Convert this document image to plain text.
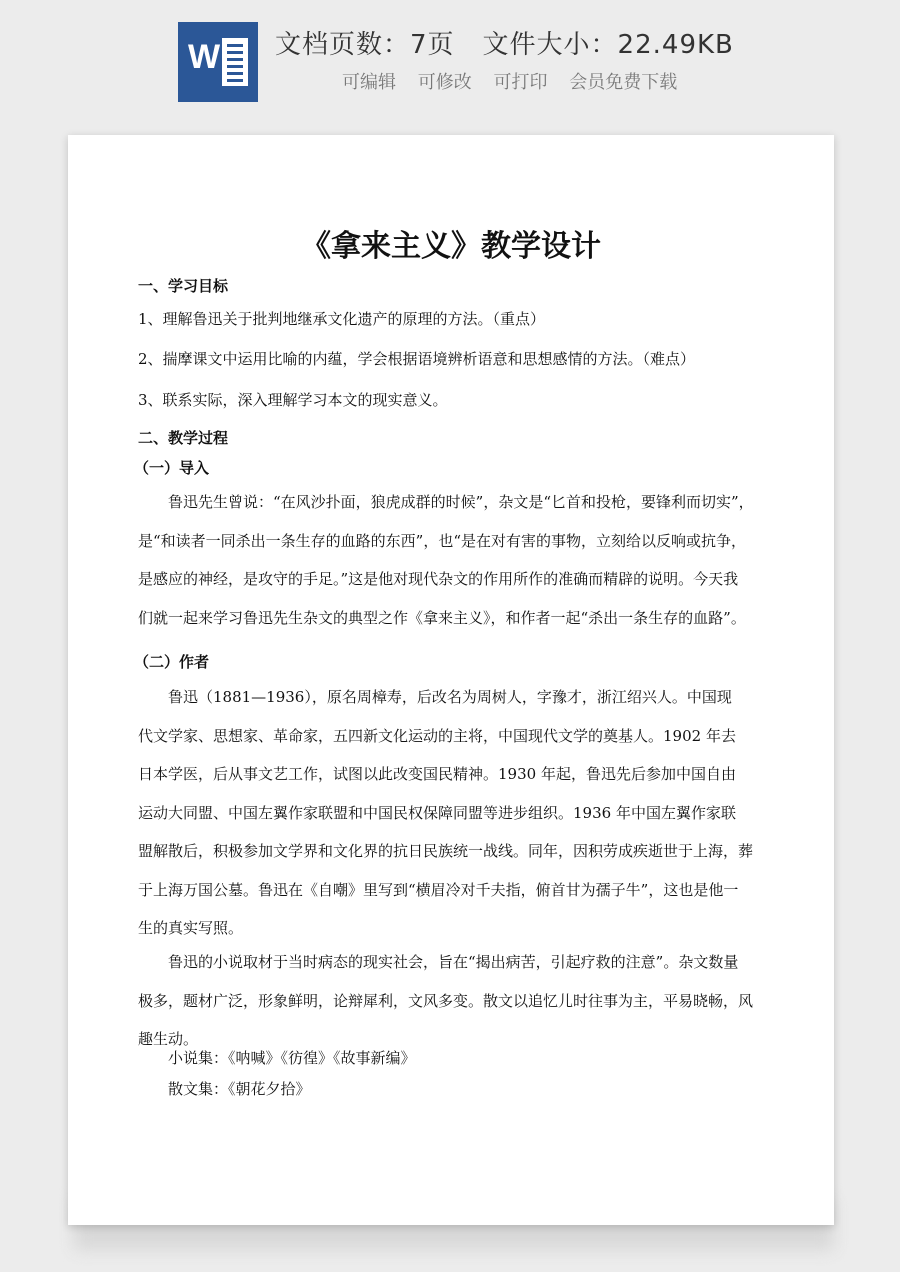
W 文档页数：7页 文件大小：22.49KB
可编辑 可修改 可打印 会员免费下载
《拿来主义》教学设计
一、学习目标
1、理解鲁迅关于批判地继承文化遗产的原理的方法。（重点）
2、揣摩课文中运用比喻的内蕴，学会根据语境辨析语意和思想感情的方法。（难点）
3、联系实际，深入理解学习本文的现实意义。
二、教学过程
（一）导入
鲁迅先生曾说：“在风沙扑面，狼虎成群的时候”，杂文是“匕首和投枪，要锋利而切实”，
是“和读者一同杀出一条生存的血路的东西”，也“是在对有害的事物，立刻给以反响或抗争，
是感应的神经，是攻守的手足。”这是他对现代杂文的作用所作的准确而精辟的说明。今天我
们就一起来学习鲁迅先生杂文的典型之作《拿来主义》，和作者一起“杀出一条生存的血路”。
（二）作者
鲁迅（1881—1936），原名周樟寿，后改名为周树人，字豫才，浙江绍兴人。中国现
代文学家、思想家、革命家，五四新文化运动的主将，中国现代文学的奠基人。1902 年去
日本学医，后从事文艺工作，试图以此改变国民精神。1930 年起，鲁迅先后参加中国自由
运动大同盟、中国左翼作家联盟和中国民权保障同盟等进步组织。1936 年中国左翼作家联
盟解散后，积极参加文学界和文化界的抗日民族统一战线。同年，因积劳成疾逝世于上海，葬
于上海万国公墓。鲁迅在《自嘲》里写到“横眉冷对千夫指，俯首甘为孺子牛”，这也是他一
生的真实写照。
鲁迅的小说取材于当时病态的现实社会，旨在“揭出病苦，引起疗救的注意”。杂文数量
极多，题材广泛，形象鲜明，论辩犀利，文风多变。散文以追忆儿时往事为主，平易晓畅，风
趣生动。
小说集：《呐喊》《彷徨》《故事新编》
散文集：《朝花夕拾》
